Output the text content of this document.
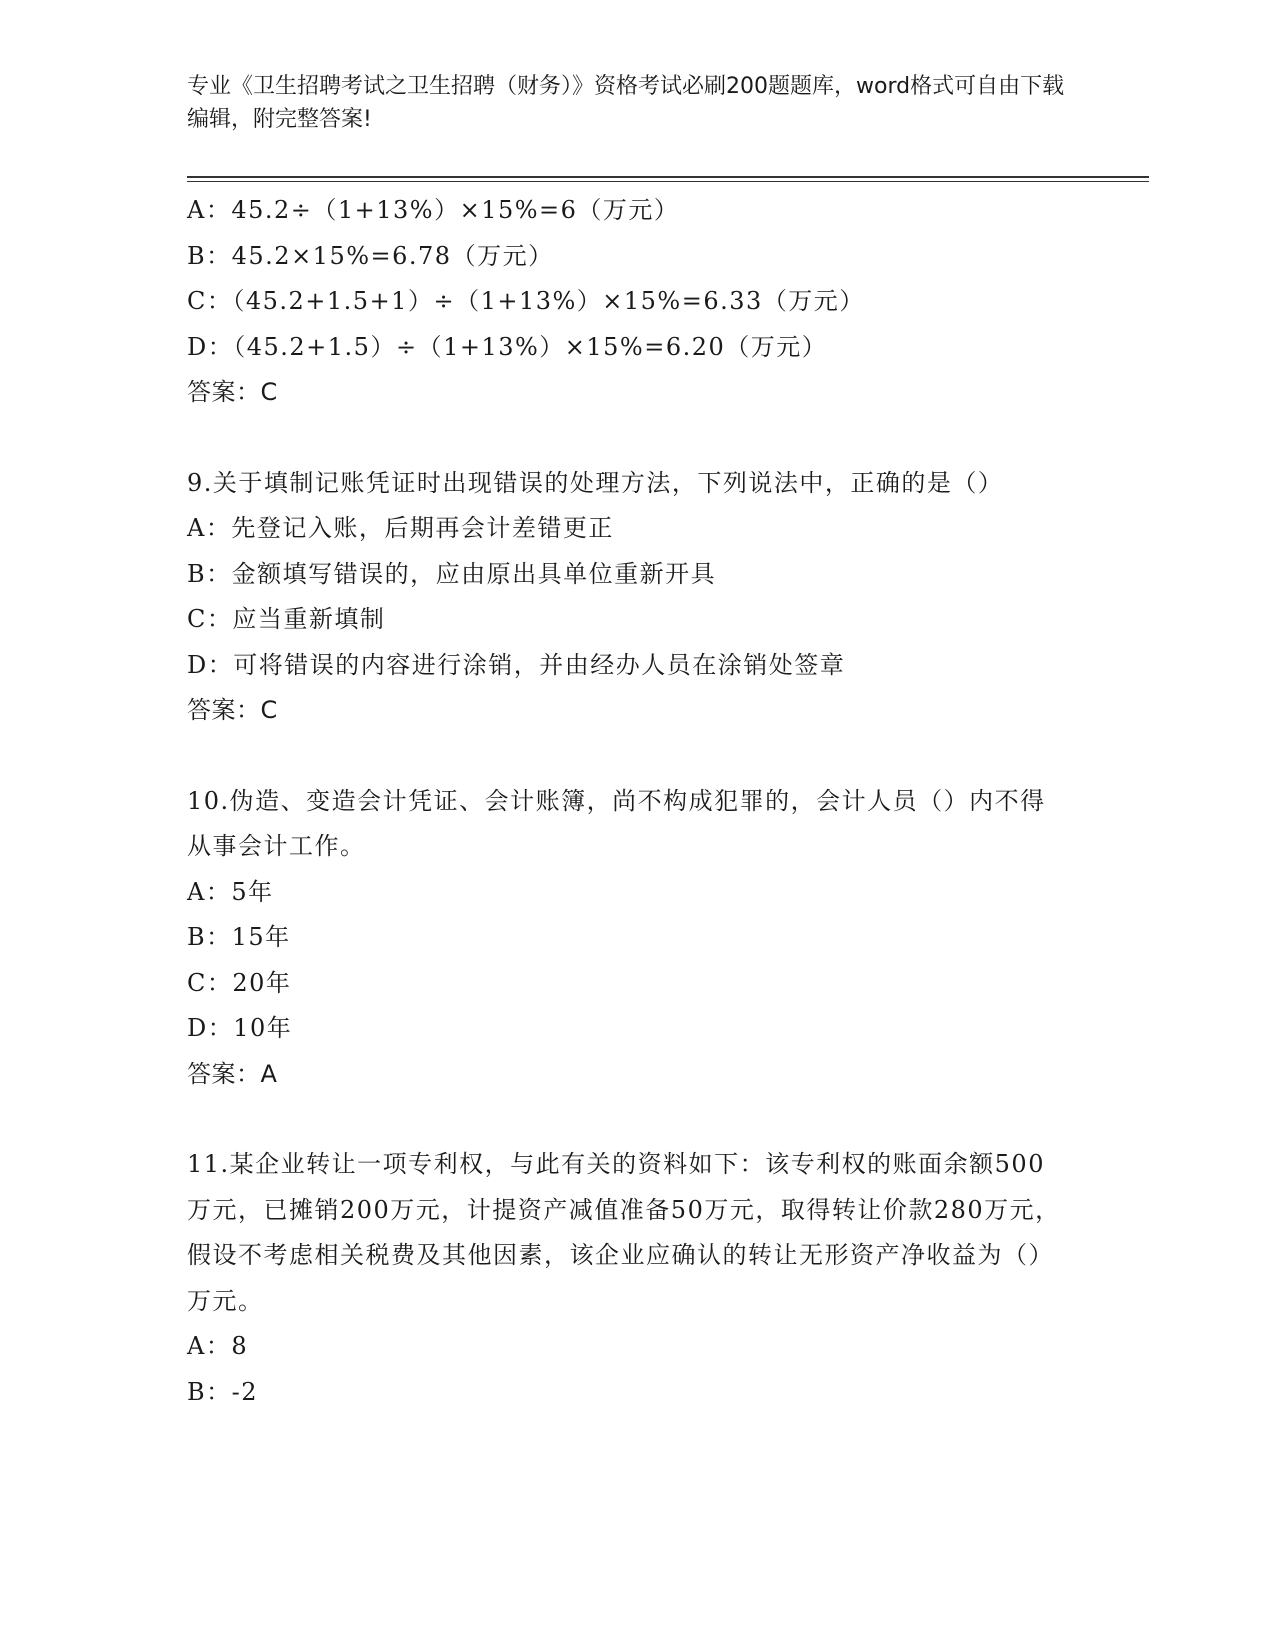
专业《卫生招聘考试之卫生招聘（财务）》资格考试必刷200题题库，word格式可自由下载编辑，附完整答案!
A：45.2÷（1+13%）×15%=6（万元）
B：45.2×15%=6.78（万元）
C：（45.2+1.5+1）÷（1+13%）×15%=6.33（万元）
D：（45.2+1.5）÷（1+13%）×15%=6.20（万元）
答案：C
9.关于填制记账凭证时出现错误的处理方法，下列说法中，正确的是（）
A：先登记入账，后期再会计差错更正
B：金额填写错误的，应由原出具单位重新开具
C：应当重新填制
D：可将错误的内容进行涂销，并由经办人员在涂销处签章
答案：C
10.伪造、变造会计凭证、会计账簿，尚不构成犯罪的，会计人员（）内不得从事会计工作。
A：5年
B：15年
C：20年
D：10年
答案：A
11.某企业转让一项专利权，与此有关的资料如下：该专利权的账面余额500万元，已摊销200万元，计提资产减值准备50万元，取得转让价款280万元，假设不考虑相关税费及其他因素，该企业应确认的转让无形资产净收益为（）万元。
A：8
B：-2
